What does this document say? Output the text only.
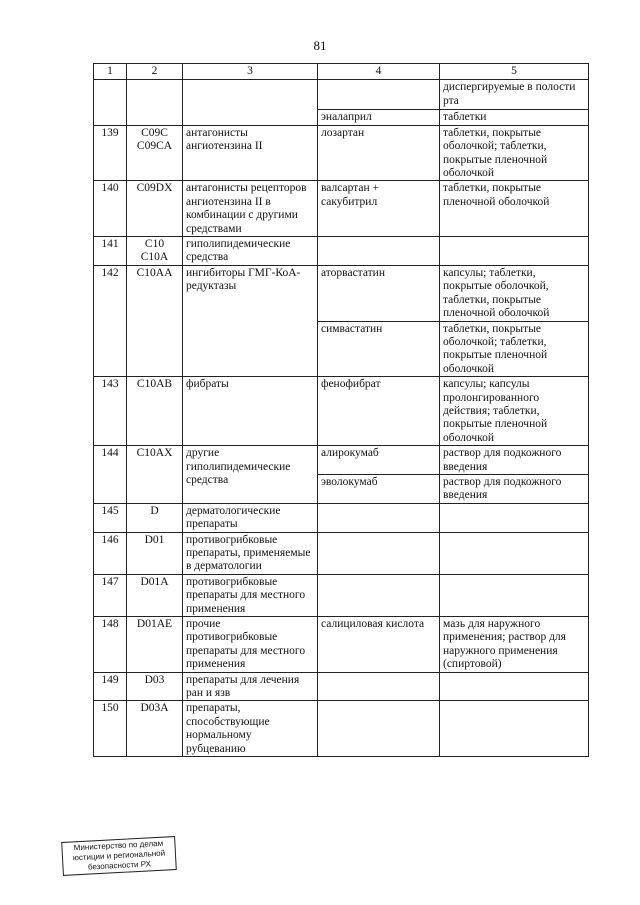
81
1	2	3	4	5
				диспергируемые в полости рта
			эналаприл	таблетки
139	C09C C09CA	антагонисты ангиотензина II	лозартан	таблетки, покрытые оболочкой; таблетки, покрытые пленочной оболочкой
140	C09DX	антагонисты рецепторов ангиотензина II в комбинации с другими средствами	валсартан + сакубитрил	таблетки, покрытые пленочной оболочкой
141	C10 C10A	гиполипидемические средства		
142	C10AA	ингибиторы ГМГ-КоА-редуктазы	аторвастатин	капсулы; таблетки, покрытые оболочкой, таблетки, покрытые пленочной оболочкой
			симвастатин	таблетки, покрытые оболочкой; таблетки, покрытые пленочной оболочкой
143	C10AB	фибраты	фенофибрат	капсулы; капсулы пролонгированного действия; таблетки, покрытые пленочной оболочкой
144	C10AX	другие гиполипидемические средства	алирокумаб	раствор для подкожного введения
			эволокумаб	раствор для подкожного введения
145	D	дерматологические препараты		
146	D01	противогрибковые препараты, применяемые в дерматологии		
147	D01A	противогрибковые препараты для местного применения		
148	D01AE	прочие противогрибковые препараты для местного применения	салициловая кислота	мазь для наружного применения; раствор для наружного применения (спиртовой)
149	D03	препараты для лечения ран и язв		
150	D03A	препараты, способствующие нормальному рубцеванию		
Министерство по делам
юстиции и региональной
безопасности РХ
